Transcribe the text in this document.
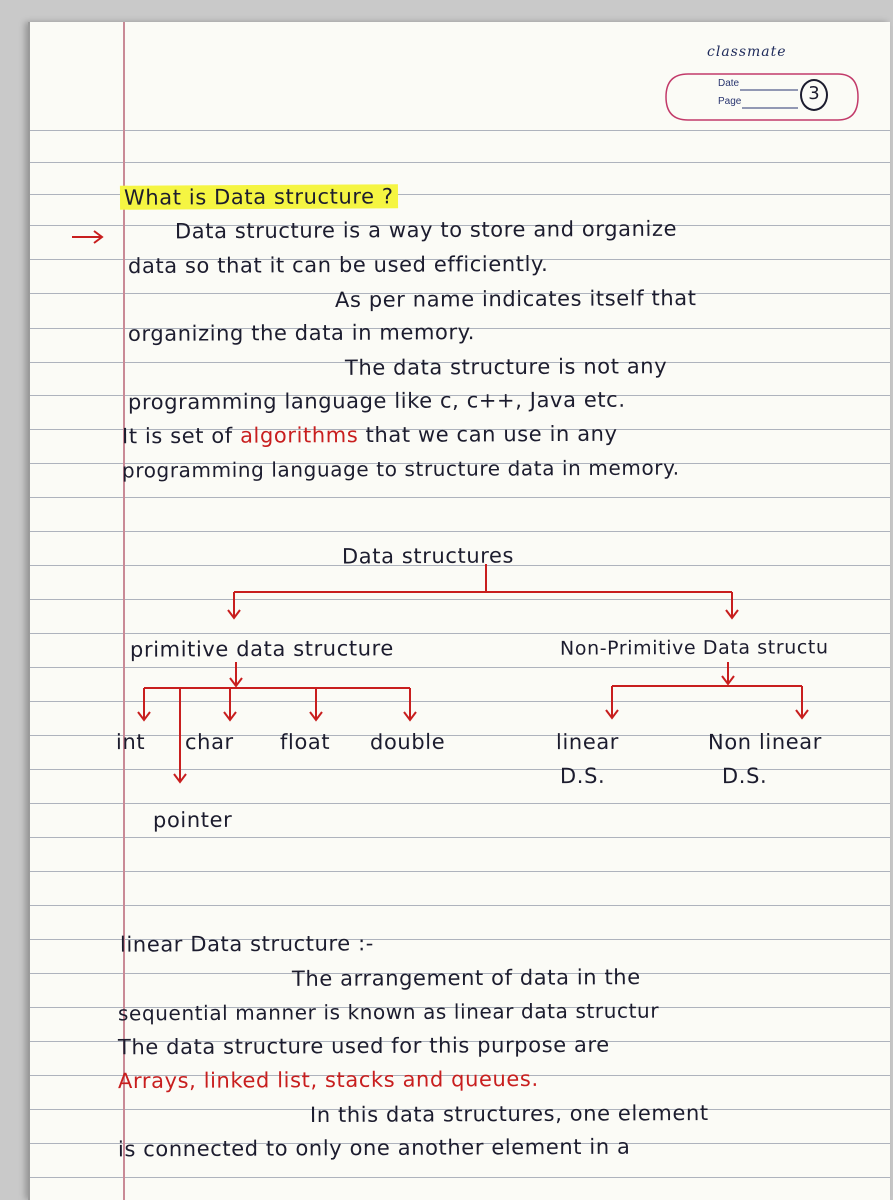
classmate
Date
Page	3
What is Data structure ?
Data structure is a way to store and organize
data so that it can be used efficiently.
As per name indicates itself that
organizing the data in memory.
The data structure is not any
programming language like c, c++, Java etc.
It is set of algorithms that we can use in any
programming language to structure data in memory.
Data structures
primitive data structure	Non-Primitive Data structu
int char float double
pointer
linear
D.S.
Non linear
D.S.
linear Data structure :-
The arrangement of data in the
sequential manner is known as linear data structur
The data structure used for this purpose are
Arrays, linked list, stacks and queues.
In this data structures, one element
is connected to only one another element in a
